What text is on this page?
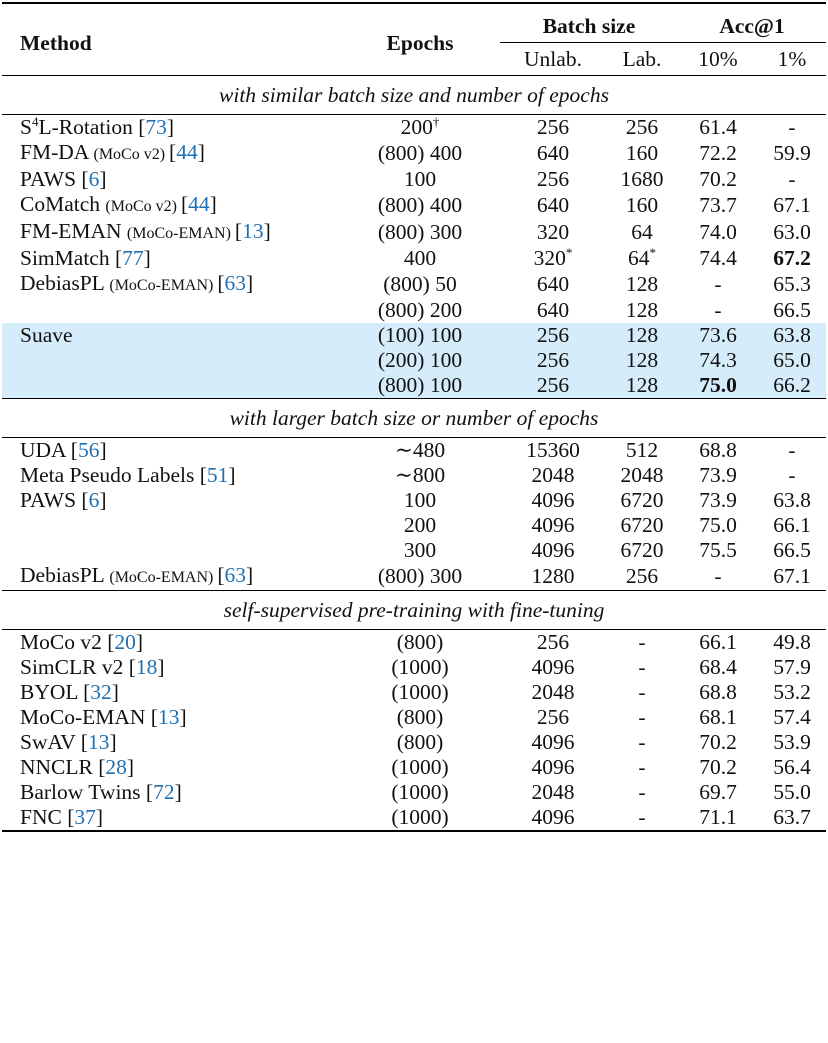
Method	Epochs	Batch size		Acc@1	
		Unlab.	Lab.	10%	1%
with similar batch size and number of epochs					
$S^4L$-Rotation [73]	200†	256	256	61.4	-
FM-DA (MoCo v2) [44]	(800) 400	640	160	72.2	59.9
PAWS [6]	100	256	1680	70.2	-
CoMatch (MoCo v2) [44]	(800) 400	640	160	73.7	67.1
FM-EMAN (MoCo-EMAN) [13]	(800) 300	320	64	74.0	63.0
SimMatch [77]	400	320*	64*	74.4	67.2
DebiasPL (MoCo-EMAN) [63]	(800) 50	640	128	-	65.3
	(800) 200	640	128	-	66.5
Suave	(100) 100	256	128	73.6	63.8
	(200) 100	256	128	74.3	65.0
	(800) 100	256	128	75.0	66.2
with larger batch size or number of epochs					
UDA [56]	∼480	15360	512	68.8	-
Meta Pseudo Labels [51]	∼800	2048	2048	73.9	-
PAWS [6]	100	4096	6720	73.9	63.8
	200	4096	6720	75.0	66.1
	300	4096	6720	75.5	66.5
DebiasPL (MoCo-EMAN) [63]	(800) 300	1280	256	-	67.1
self-supervised pre-training with fine-tuning					
MoCo v2 [20]	(800)	256	-	66.1	49.8
SimCLR v2 [18]	(1000)	4096	-	68.4	57.9
BYOL [32]	(1000)	2048	-	68.8	53.2
MoCo-EMAN [13]	(800)	256	-	68.1	57.4
SwAV [13]	(800)	4096	-	70.2	53.9
NNCLR [28]	(1000)	4096	-	70.2	56.4
Barlow Twins [72]	(1000)	2048	-	69.7	55.0
FNC [37]	(1000)	4096	-	71.1	63.7
